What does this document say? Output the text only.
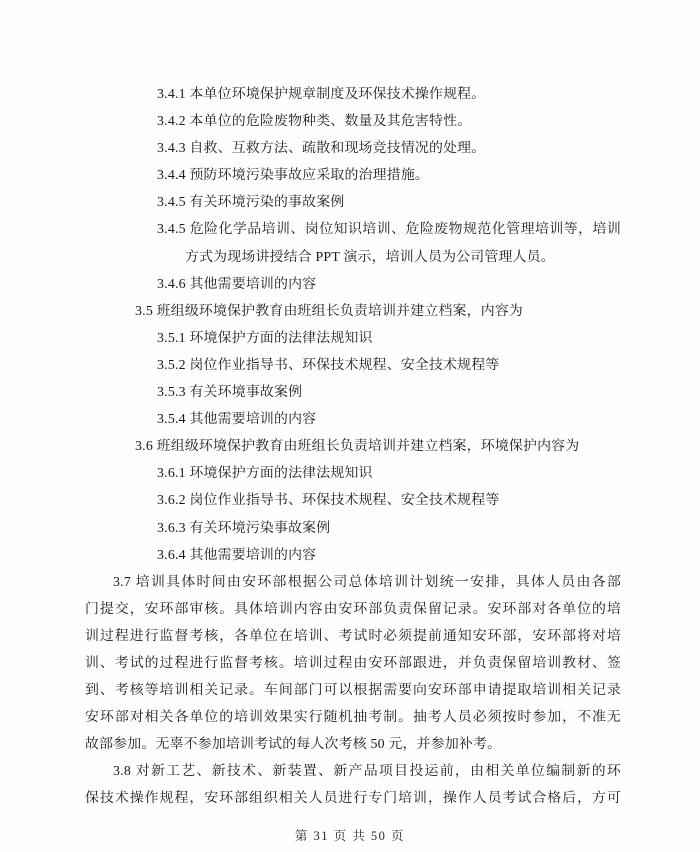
3.4.1 本单位环境保护规章制度及环保技术操作规程。
3.4.2 本单位的危险废物种类、数量及其危害特性。
3.4.3 自救、互救方法、疏散和现场竞技情况的处理。
3.4.4 预防环境污染事故应采取的治理措施。
3.4.5 有关环境污染的事故案例
3.4.5 危险化学品培训、岗位知识培训、危险废物规范化管理培训等，培训
方式为现场讲授结合 PPT 演示，培训人员为公司管理人员。
3.4.6 其他需要培训的内容
3.5 班组级环境保护教育由班组长负责培训并建立档案，内容为
3.5.1 环境保护方面的法律法规知识
3.5.2 岗位作业指导书、环保技术规程、安全技术规程等
3.5.3 有关环境事故案例
3.5.4 其他需要培训的内容
3.6 班组级环境保护教育由班组长负责培训并建立档案，环境保护内容为
3.6.1 环境保护方面的法律法规知识
3.6.2 岗位作业指导书、环保技术规程、安全技术规程等
3.6.3 有关环境污染事故案例
3.6.4 其他需要培训的内容
3.7 培训具体时间由安环部根据公司总体培训计划统一安排，具体人员由各部
门提交，安环部审核。具体培训内容由安环部负责保留记录。安环部对各单位的培
训过程进行监督考核，各单位在培训、考试时必须提前通知安环部，安环部将对培
训、考试的过程进行监督考核。培训过程由安环部跟进，并负责保留培训教材、签
到、考核等培训相关记录。车间部门可以根据需要向安环部申请提取培训相关记录
安环部对相关各单位的培训效果实行随机抽考制。抽考人员必须按时参加，不准无
故部参加。无辜不参加培训考试的每人次考核 50 元，并参加补考。
3.8 对新工艺、新技术、新装置、新产品项目投运前，由相关单位编制新的环
保技术操作规程，安环部组织相关人员进行专门培训，操作人员考试合格后，方可
第 31 页 共 50 页
